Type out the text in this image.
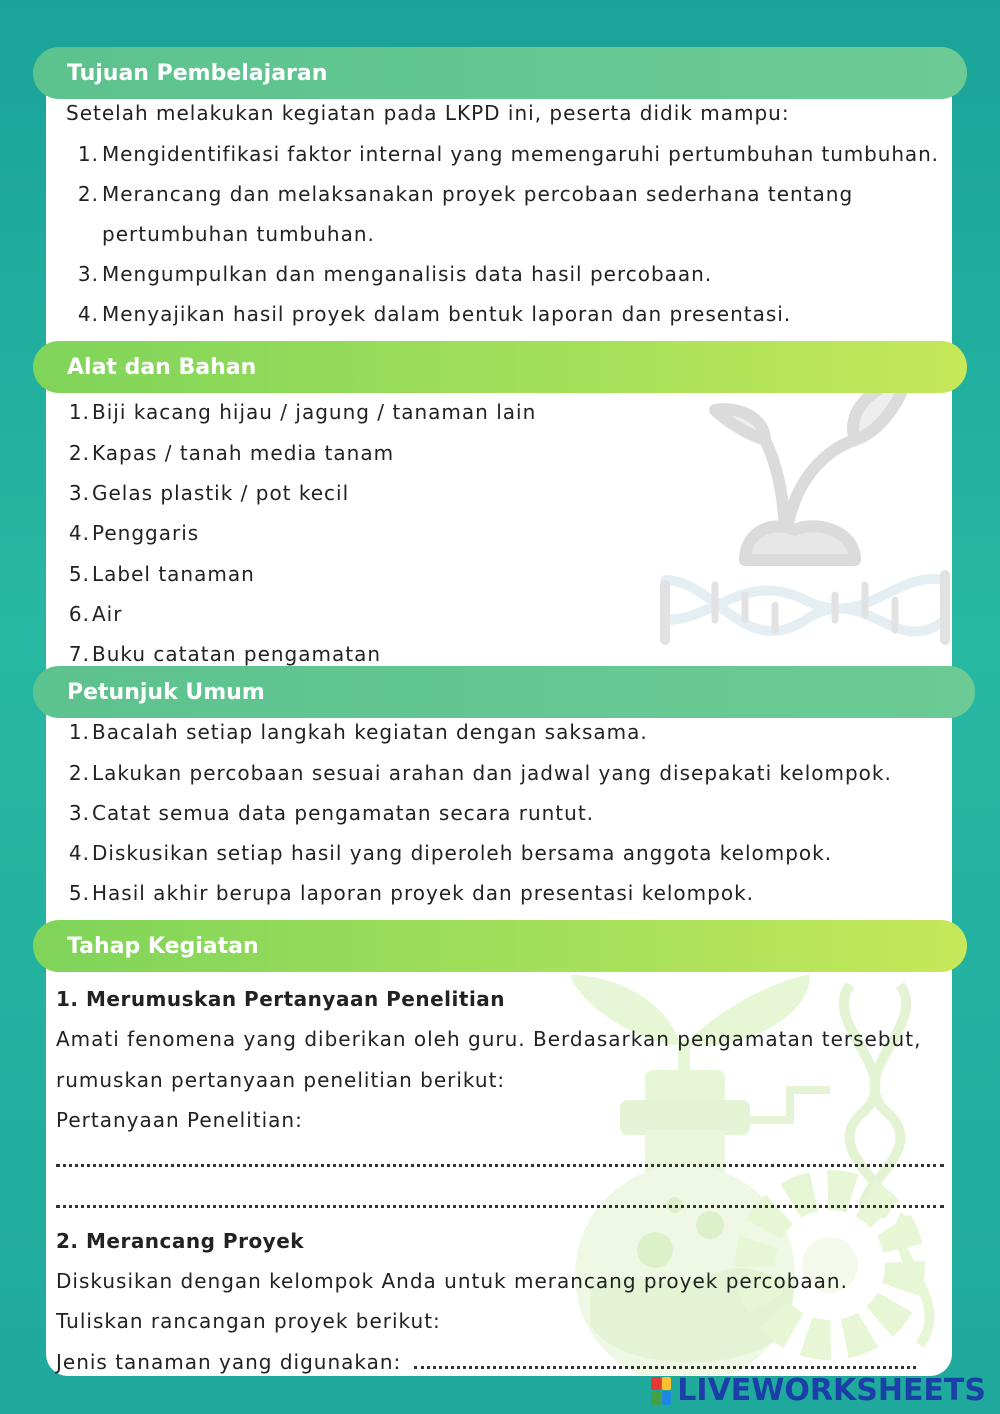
Tujuan Pembelajaran
Setelah melakukan kegiatan pada LKPD ini, peserta didik mampu:
1. Mengidentifikasi faktor internal yang memengaruhi pertumbuhan tumbuhan.
2. Merancang dan melaksanakan proyek percobaan sederhana tentang
pertumbuhan tumbuhan.
3. Mengumpulkan dan menganalisis data hasil percobaan.
4. Menyajikan hasil proyek dalam bentuk laporan dan presentasi.
Alat dan Bahan
1. Biji kacang hijau / jagung / tanaman lain
2. Kapas / tanah media tanam
3. Gelas plastik / pot kecil
4. Penggaris
5. Label tanaman
6. Air
7. Buku catatan pengamatan
Petunjuk Umum
1. Bacalah setiap langkah kegiatan dengan saksama.
2. Lakukan percobaan sesuai arahan dan jadwal yang disepakati kelompok.
3. Catat semua data pengamatan secara runtut.
4. Diskusikan setiap hasil yang diperoleh bersama anggota kelompok.
5. Hasil akhir berupa laporan proyek dan presentasi kelompok.
Tahap Kegiatan
1. Merumuskan Pertanyaan Penelitian
Amati fenomena yang diberikan oleh guru. Berdasarkan pengamatan tersebut,
rumuskan pertanyaan penelitian berikut:
Pertanyaan Penelitian:
2. Merancang Proyek
Diskusikan dengan kelompok Anda untuk merancang proyek percobaan.
Tuliskan rancangan proyek berikut:
Jenis tanaman yang digunakan:
LIVEWORKSHEETS
